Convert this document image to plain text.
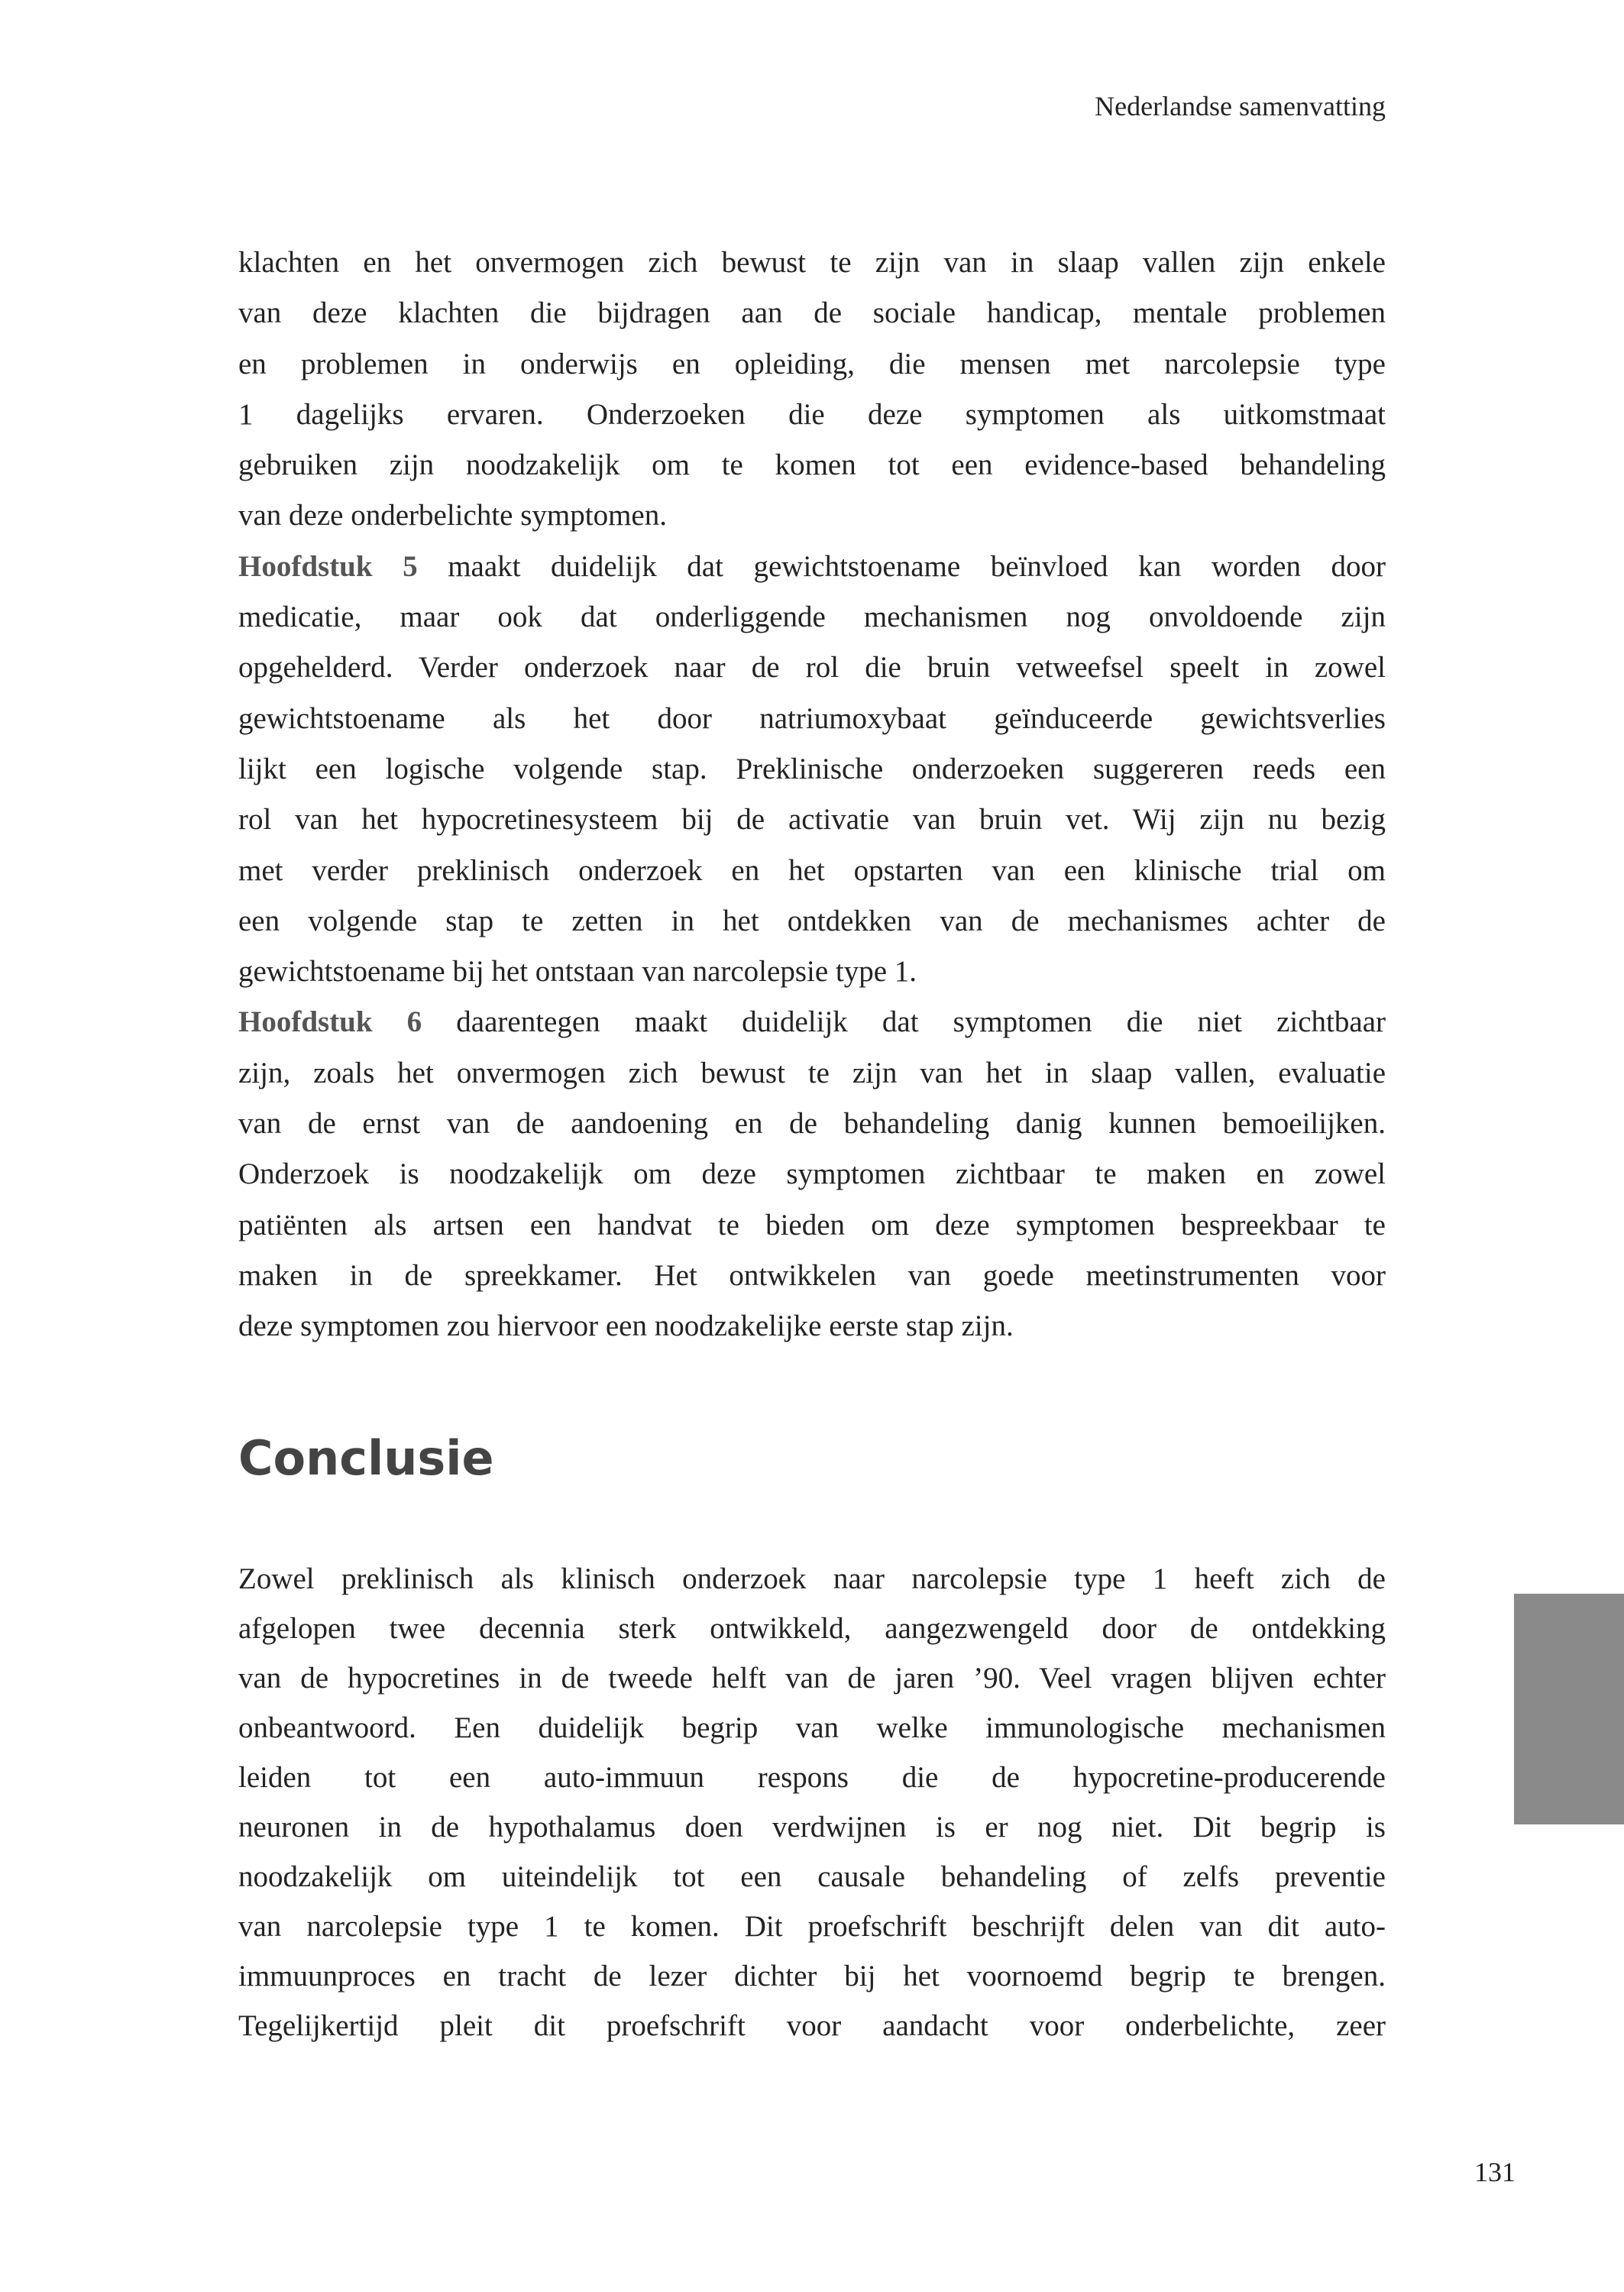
Nederlandse samenvatting
klachten en het onvermogen zich bewust te zijn van in slaap vallen zijn enkele
van deze klachten die bijdragen aan de sociale handicap, mentale problemen
en problemen in onderwijs en opleiding, die mensen met narcolepsie type
1 dagelijks ervaren. Onderzoeken die deze symptomen als uitkomstmaat
gebruiken zijn noodzakelijk om te komen tot een evidence-based behandeling
van deze onderbelichte symptomen.
Hoofdstuk 5 maakt duidelijk dat gewichtstoename beïnvloed kan worden door
medicatie, maar ook dat onderliggende mechanismen nog onvoldoende zijn
opgehelderd. Verder onderzoek naar de rol die bruin vetweefsel speelt in zowel
gewichtstoename als het door natriumoxybaat geïnduceerde gewichtsverlies
lijkt een logische volgende stap. Preklinische onderzoeken suggereren reeds een
rol van het hypocretinesysteem bij de activatie van bruin vet. Wij zijn nu bezig
met verder preklinisch onderzoek en het opstarten van een klinische trial om
een volgende stap te zetten in het ontdekken van de mechanismes achter de
gewichtstoename bij het ontstaan van narcolepsie type 1.
Hoofdstuk 6 daarentegen maakt duidelijk dat symptomen die niet zichtbaar
zijn, zoals het onvermogen zich bewust te zijn van het in slaap vallen, evaluatie
van de ernst van de aandoening en de behandeling danig kunnen bemoeilijken.
Onderzoek is noodzakelijk om deze symptomen zichtbaar te maken en zowel
patiënten als artsen een handvat te bieden om deze symptomen bespreekbaar te
maken in de spreekkamer. Het ontwikkelen van goede meetinstrumenten voor
deze symptomen zou hiervoor een noodzakelijke eerste stap zijn.
Conclusie
Zowel preklinisch als klinisch onderzoek naar narcolepsie type 1 heeft zich de
afgelopen twee decennia sterk ontwikkeld, aangezwengeld door de ontdekking
van de hypocretines in de tweede helft van de jaren ’90. Veel vragen blijven echter
onbeantwoord. Een duidelijk begrip van welke immunologische mechanismen
leiden tot een auto-immuun respons die de hypocretine-producerende
neuronen in de hypothalamus doen verdwijnen is er nog niet. Dit begrip is
noodzakelijk om uiteindelijk tot een causale behandeling of zelfs preventie
van narcolepsie type 1 te komen. Dit proefschrift beschrijft delen van dit auto-
immuunproces en tracht de lezer dichter bij het voornoemd begrip te brengen.
Tegelijkertijd pleit dit proefschrift voor aandacht voor onderbelichte, zeer
131
